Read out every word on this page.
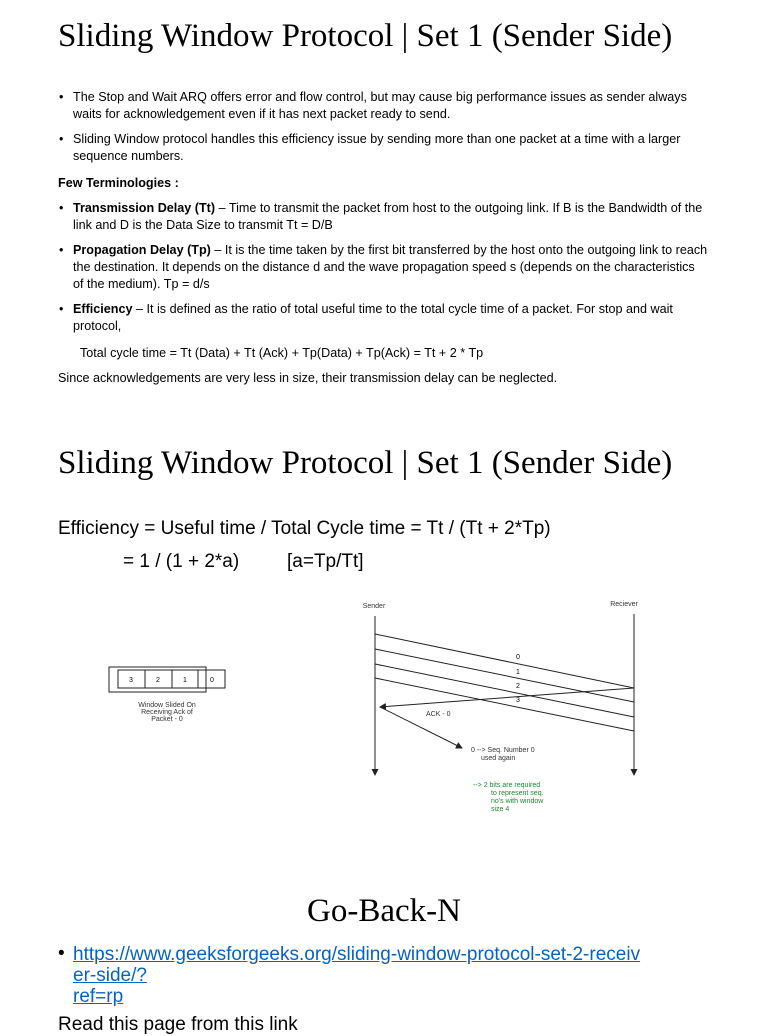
Sliding Window Protocol | Set 1 (Sender Side)
• The Stop and Wait ARQ offers error and flow control, but may cause big performance issues as sender always waits for acknowledgement even if it has next packet ready to send.
• Sliding Window protocol handles this efficiency issue by sending more than one packet at a time with a larger sequence numbers.

Few Terminologies :

• Transmission Delay (Tt) – Time to transmit the packet from host to the outgoing link. If B is the Bandwidth of the link and D is the Data Size to transmit Tt = D/B
• Propagation Delay (Tp) – It is the time taken by the first bit transferred by the host onto the outgoing link to reach the destination. It depends on the distance d and the wave propagation speed s (depends on the characteristics of the medium). Tp = d/s
• Efficiency – It is defined as the ratio of total useful time to the total cycle time of a packet. For stop and wait protocol,

Total cycle time = Tt (Data) + Tt (Ack) + Tp(Data) + Tp(Ack) = Tt + 2 * Tp

Since acknowledgements are very less in size, their transmission delay can be neglected.

Sliding Window Protocol | Set 1 (Sender Side)

Efficiency = Useful time / Total Cycle time = Tt / (Tt + 2*Tp)

= 1 / (1 + 2*a)	[a=Tp/Tt]

3	2	1	0
Window Slided On
Receiving Ack of
Packet - 0
Sender	Reciever
0
1
2
3
ACK - 0
0 --> Seq. Number 0
used again
--> 2 bits are required
to represent seq.
no's with window
size 4
Go-Back-N
• https://www.geeksforgeeks.org/sliding-window-protocol-set-2-receiv
er-side/?
ref=rp
Read this page from this link
